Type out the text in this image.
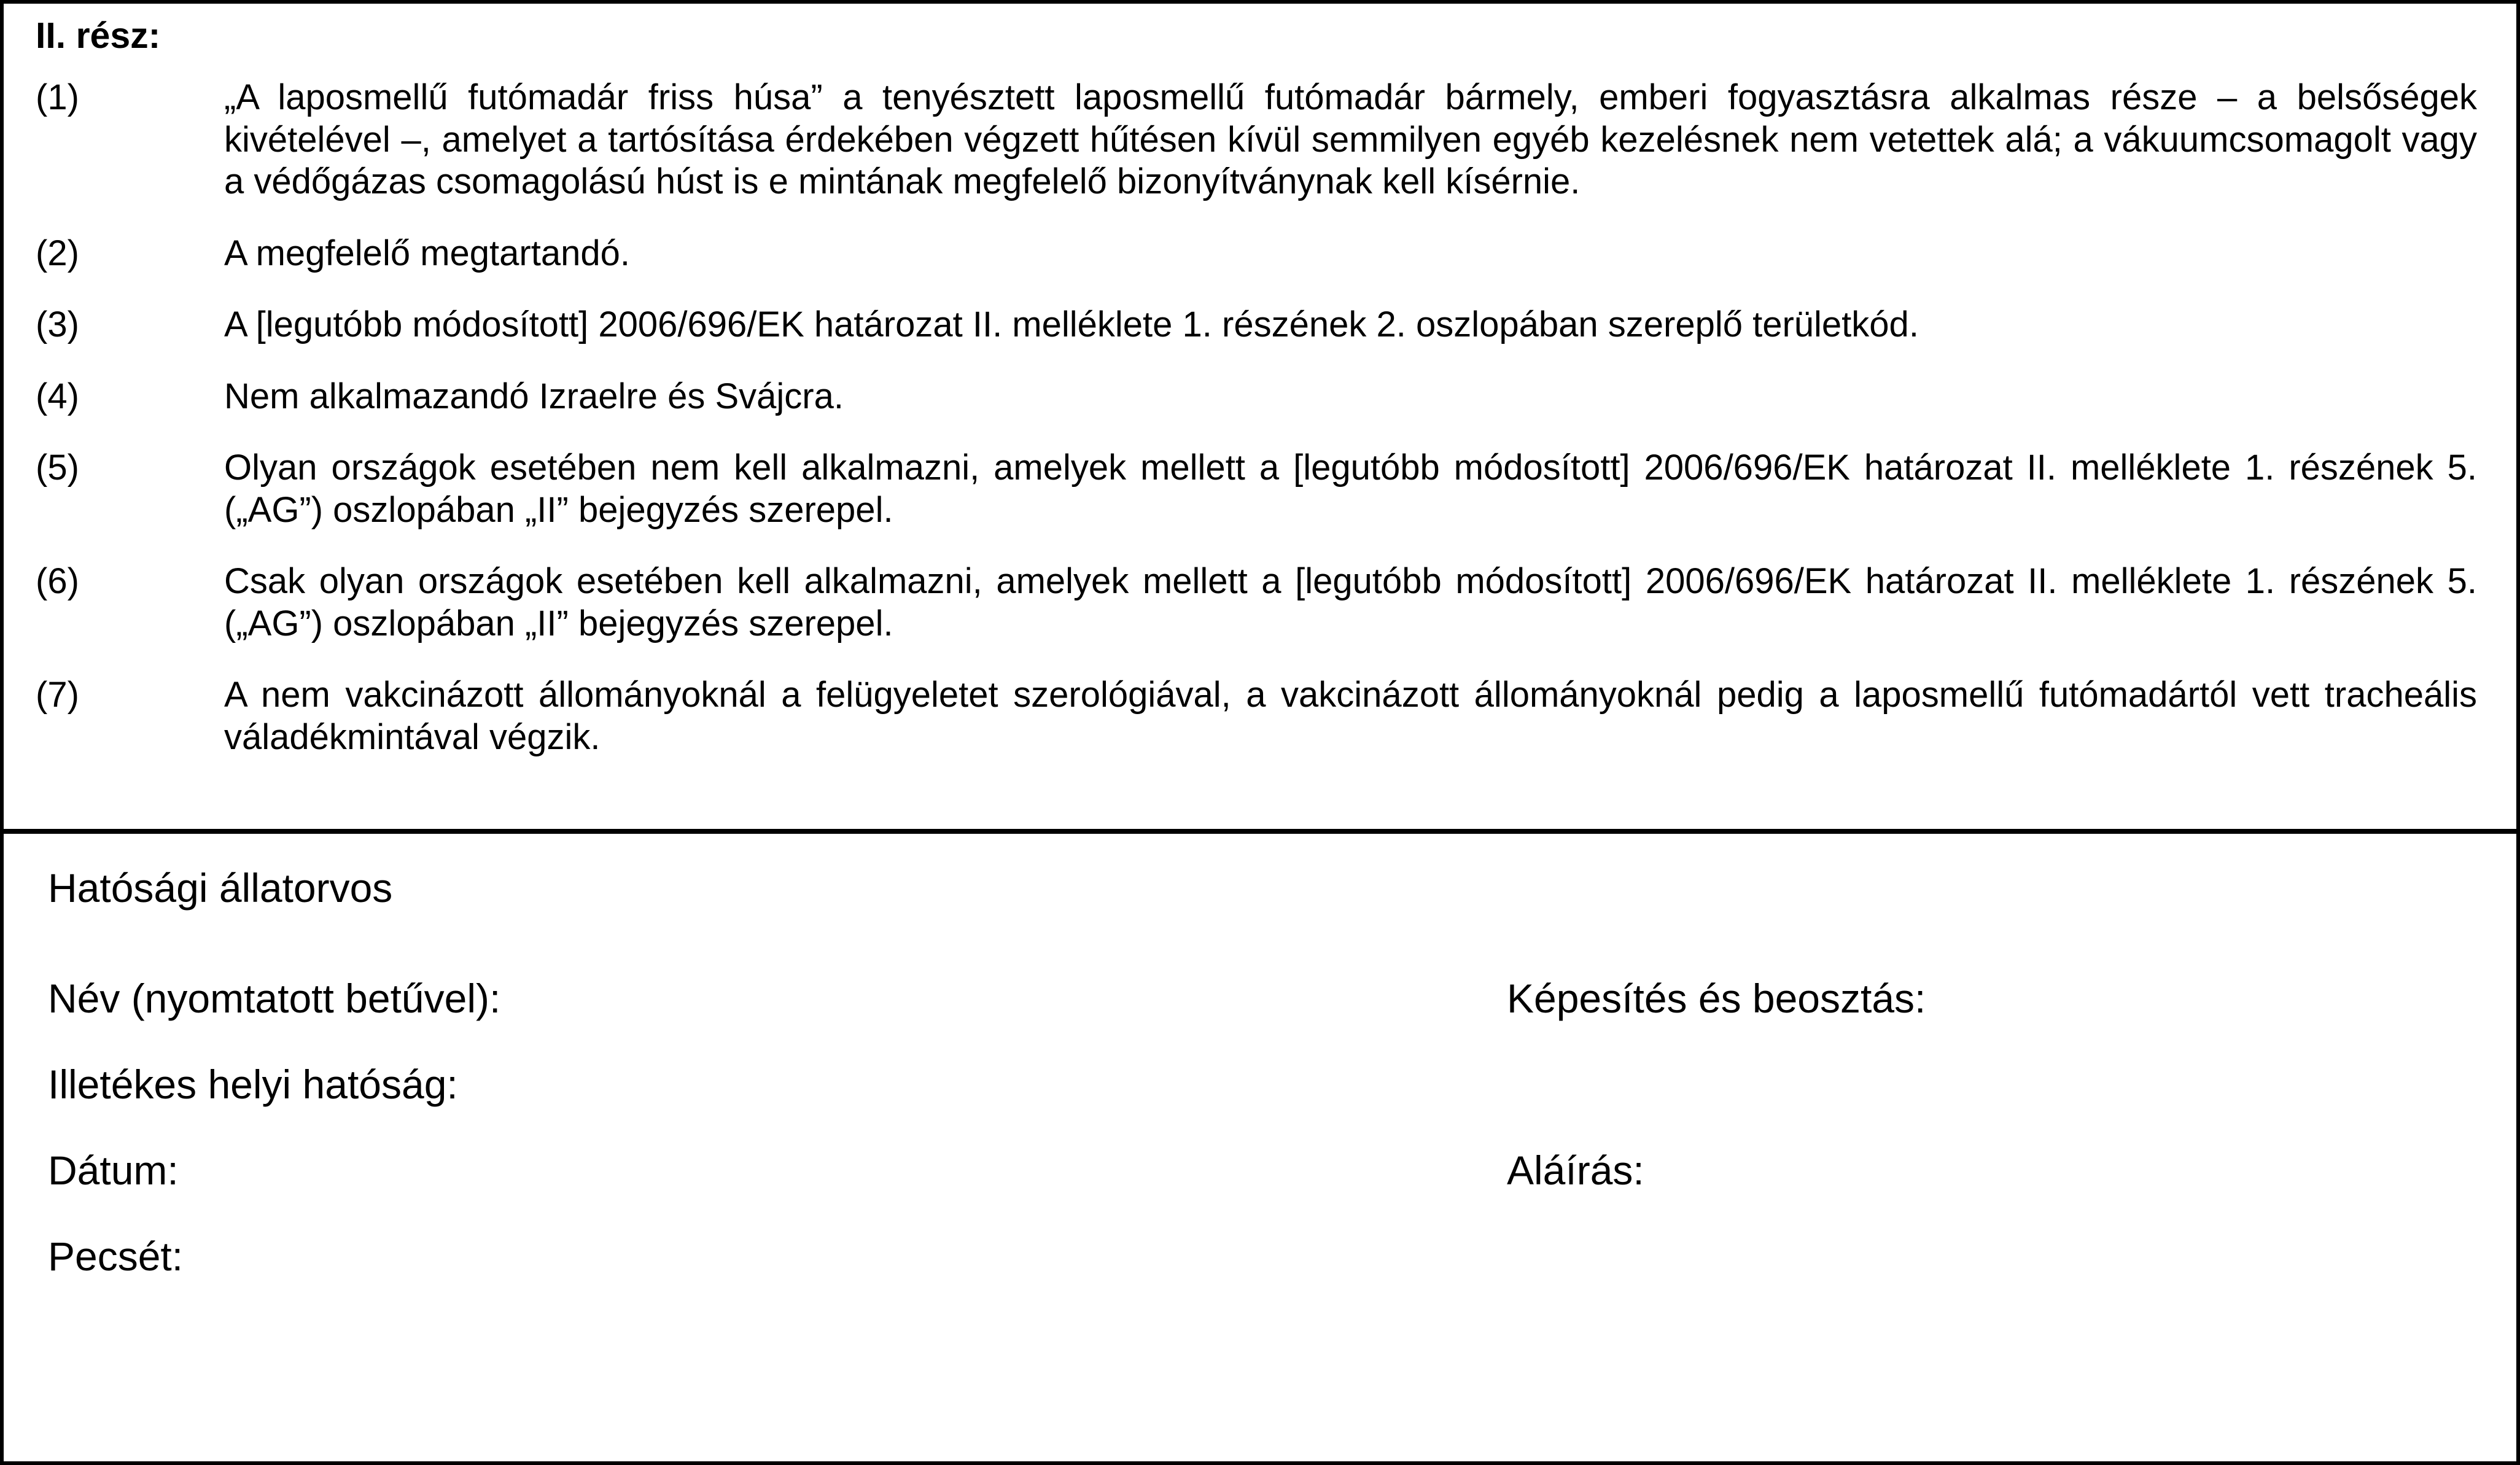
II. rész:
(1)	„A laposmellű futómadár friss húsa” a tenyésztett laposmellű futómadár bármely, emberi fogyasztásra alkalmas része – a belsőségek kivételével –, amelyet a tartósítása érdekében végzett hűtésen kívül semmilyen egyéb kezelésnek nem vetettek alá; a vákuumcsomagolt vagy a védőgázas csomagolású húst is e mintának megfelelő bizonyítványnak kell kísérnie.
(2)	A megfelelő megtartandó.
(3)	A [legutóbb módosított] 2006/696/EK határozat II. melléklete 1. részének 2. oszlopában szereplő területkód.
(4)	Nem alkalmazandó Izraelre és Svájcra.
(5)	Olyan országok esetében nem kell alkalmazni, amelyek mellett a [legutóbb módosított] 2006/696/EK határozat II. melléklete 1. részének 5. („AG”) oszlopában „II” bejegyzés szerepel.
(6)	Csak olyan országok esetében kell alkalmazni, amelyek mellett a [legutóbb módosított] 2006/696/EK határozat II. melléklete 1. részének 5. („AG”) oszlopában „II” bejegyzés szerepel.
(7)	A nem vakcinázott állományoknál a felügyeletet szerológiával, a vakcinázott állományoknál pedig a laposmellű futómadártól vett tracheális váladékmintával végzik.

Hatósági állatorvos

Név (nyomtatott betűvel):	Képesítés és beosztás:

Illetékes helyi hatóság:

Dátum:	Aláírás:

Pecsét:
